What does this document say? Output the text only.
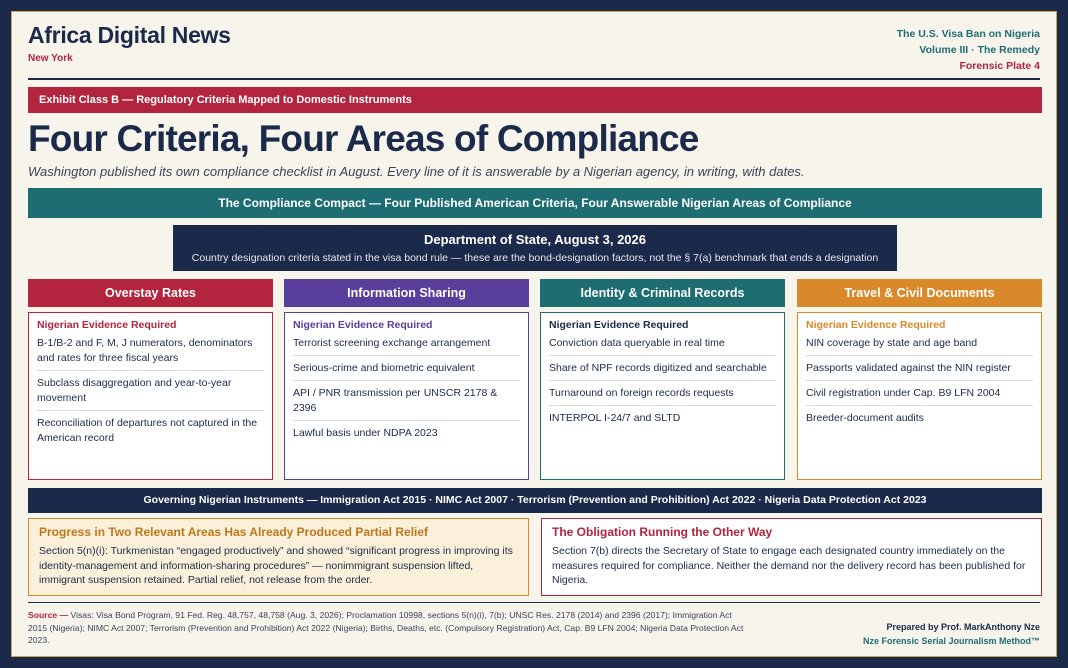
Africa Digital News
New York
The U.S. Visa Ban on Nigeria
Volume III · The Remedy
Forensic Plate 4
Exhibit Class B — Regulatory Criteria Mapped to Domestic Instruments
Four Criteria, Four Areas of Compliance
Washington published its own compliance checklist in August. Every line of it is answerable by a Nigerian agency, in writing, with dates.
The Compliance Compact — Four Published American Criteria, Four Answerable Nigerian Areas of Compliance
Department of State, August 3, 2026
Country designation criteria stated in the visa bond rule — these are the bond-designation factors, not the § 7(a) benchmark that ends a designation
Overstay Rates
Nigerian Evidence Required
B-1/B-2 and F, M, J numerators, denominators and rates for three fiscal years
Subclass disaggregation and year-to-year movement
Reconciliation of departures not captured in the American record
Information Sharing
Nigerian Evidence Required
Terrorist screening exchange arrangement
Serious-crime and biometric equivalent
API / PNR transmission per UNSCR 2178 & 2396
Lawful basis under NDPA 2023
Identity & Criminal Records
Nigerian Evidence Required
Conviction data queryable in real time
Share of NPF records digitized and searchable
Turnaround on foreign records requests
INTERPOL I-24/7 and SLTD
Travel & Civil Documents
Nigerian Evidence Required
NIN coverage by state and age band
Passports validated against the NIN register
Civil registration under Cap. B9 LFN 2004
Breeder-document audits
Governing Nigerian Instruments — Immigration Act 2015 · NIMC Act 2007 · Terrorism (Prevention and Prohibition) Act 2022 · Nigeria Data Protection Act 2023
Progress in Two Relevant Areas Has Already Produced Partial Relief
Section 5(n)(i): Turkmenistan “engaged productively” and showed “significant progress in improving its identity-management and information-sharing procedures” — nonimmigrant suspension lifted, immigrant suspension retained. Partial relief, not release from the order.
The Obligation Running the Other Way
Section 7(b) directs the Secretary of State to engage each designated country immediately on the measures required for compliance. Neither the demand nor the delivery record has been published for Nigeria.
Source — Visas: Visa Bond Program, 91 Fed. Reg. 48,757, 48,758 (Aug. 3, 2026); Proclamation 10998, sections 5(n)(i), 7(b); UNSC Res. 2178 (2014) and 2396 (2017); Immigration Act 2015 (Nigeria); NIMC Act 2007; Terrorism (Prevention and Prohibition) Act 2022 (Nigeria); Births, Deaths, etc. (Compulsory Registration) Act, Cap. B9 LFN 2004; Nigeria Data Protection Act 2023.
Prepared by Prof. MarkAnthony Nze
Nze Forensic Serial Journalism Method™
